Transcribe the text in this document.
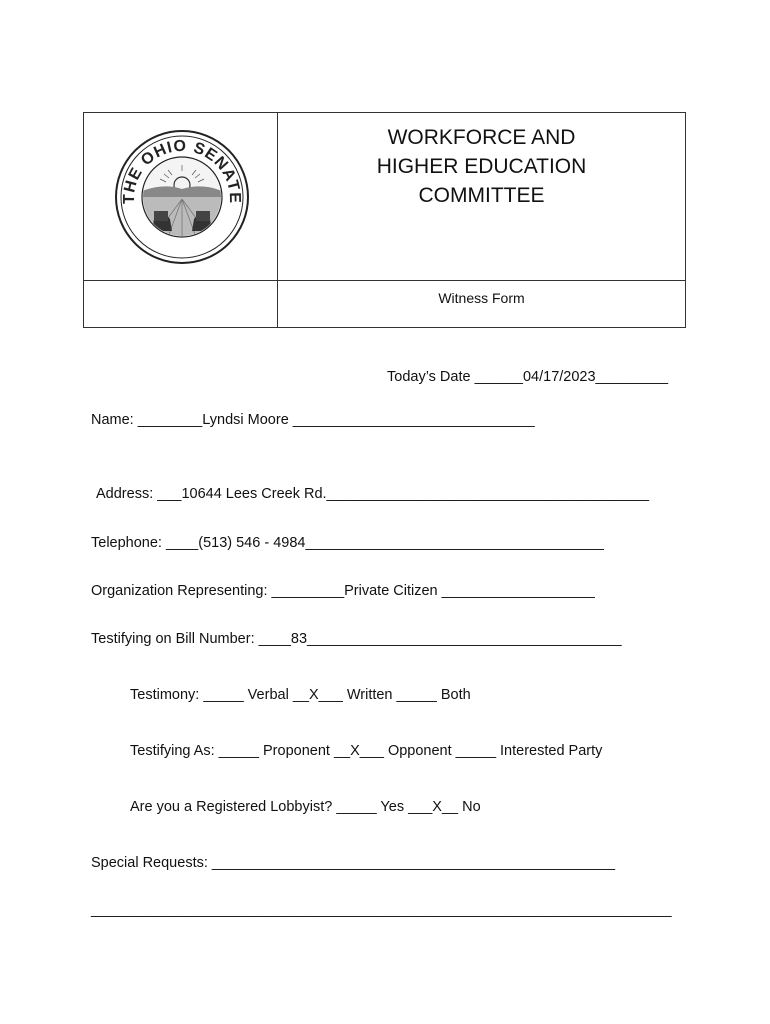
THE OHIO SENATE
WORKFORCE AND
HIGHER EDUCATION
COMMITTEE
Witness Form
Today’s Date ______04/17/2023_________
Name: ________Lyndsi Moore ______________________________
Address: ___10644 Lees Creek Rd.________________________________________
Telephone: ____(513) 546 - 4984_____________________________________
Organization Representing: _________Private Citizen ___________________
Testifying on Bill Number: ____83_______________________________________
Testimony: _____ Verbal __X___ Written _____ Both
Testifying As: _____ Proponent __X___ Opponent _____ Interested Party
Are you a Registered Lobbyist? _____ Yes ___X__ No
Special Requests: __________________________________________________
________________________________________________________________________
